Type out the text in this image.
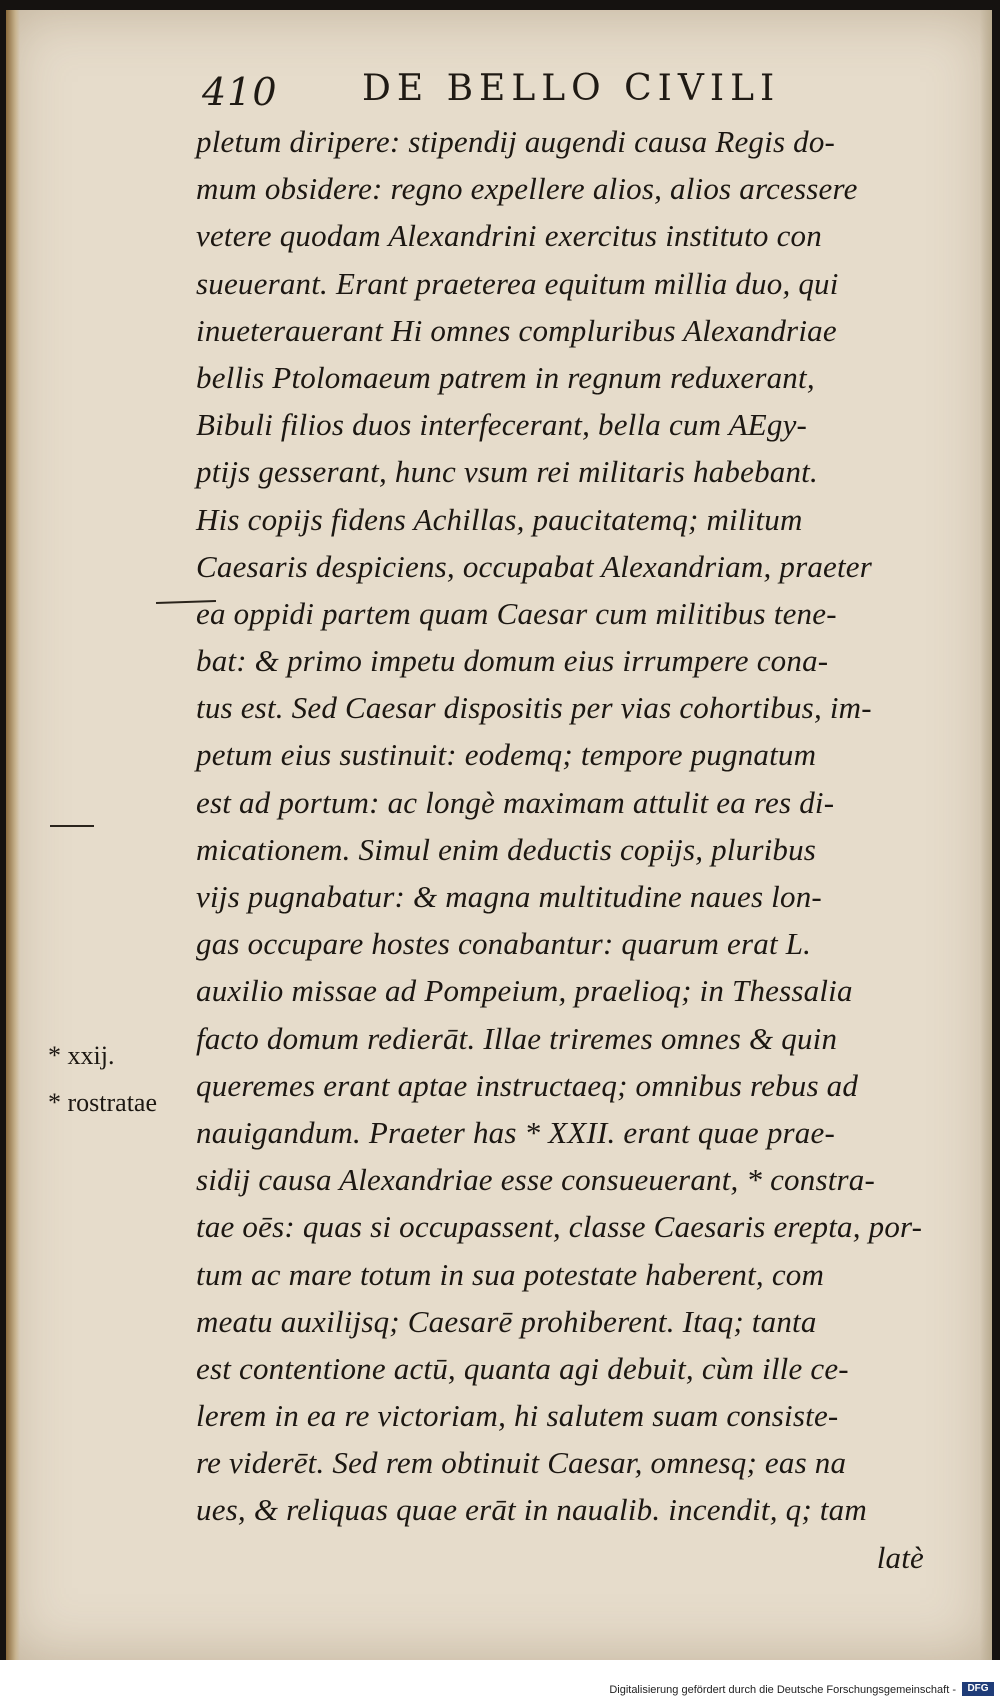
410 DE BELLO CIVILI
* xxij.
* rostratae
pletum diripere: stipendij augendi causa Regis do-
mum obsidere: regno expellere alios, alios arcessere
vetere quodam Alexandrini exercitus instituto con
sueuerant. Erant praeterea equitum millia duo, qui
inueterauerant Hi omnes compluribus Alexandriae
bellis Ptolomaeum patrem in regnum reduxerant,
Bibuli filios duos interfecerant, bella cum AEgy-
ptijs gesserant, hunc vsum rei militaris habebant.
His copijs fidens Achillas, paucitatemq; militum
Caesaris despiciens, occupabat Alexandriam, praeter
ea oppidi partem quam Caesar cum militibus tene-
bat: & primo impetu domum eius irrumpere cona-
tus est. Sed Caesar dispositis per vias cohortibus, im-
petum eius sustinuit: eodemq; tempore pugnatum
est ad portum: ac longè maximam attulit ea res di-
micationem. Simul enim deductis copijs, pluribus
vijs pugnabatur: & magna multitudine naues lon-
gas occupare hostes conabantur: quarum erat L.
auxilio missae ad Pompeium, praelioq; in Thessalia
facto domum redierāt. Illae triremes omnes & quin
queremes erant aptae instructaeq; omnibus rebus ad
nauigandum. Praeter has * XXII. erant quae prae-
sidij causa Alexandriae esse consueuerant, * constra-
tae oēs: quas si occupassent, classe Caesaris erepta, por-
tum ac mare totum in sua potestate haberent, com
meatu auxilijsq; Caesarē prohiberent. Itaq; tanta
est contentione actū, quanta agi debuit, cùm ille ce-
lerem in ea re victoriam, hi salutem suam consiste-
re viderēt. Sed rem obtinuit Caesar, omnesq; eas na
ues, & reliquas quae erāt in naualib. incendit, q; tam
latè
Digitalisierung gefördert durch die Deutsche Forschungsgemeinschaft -	DFG
